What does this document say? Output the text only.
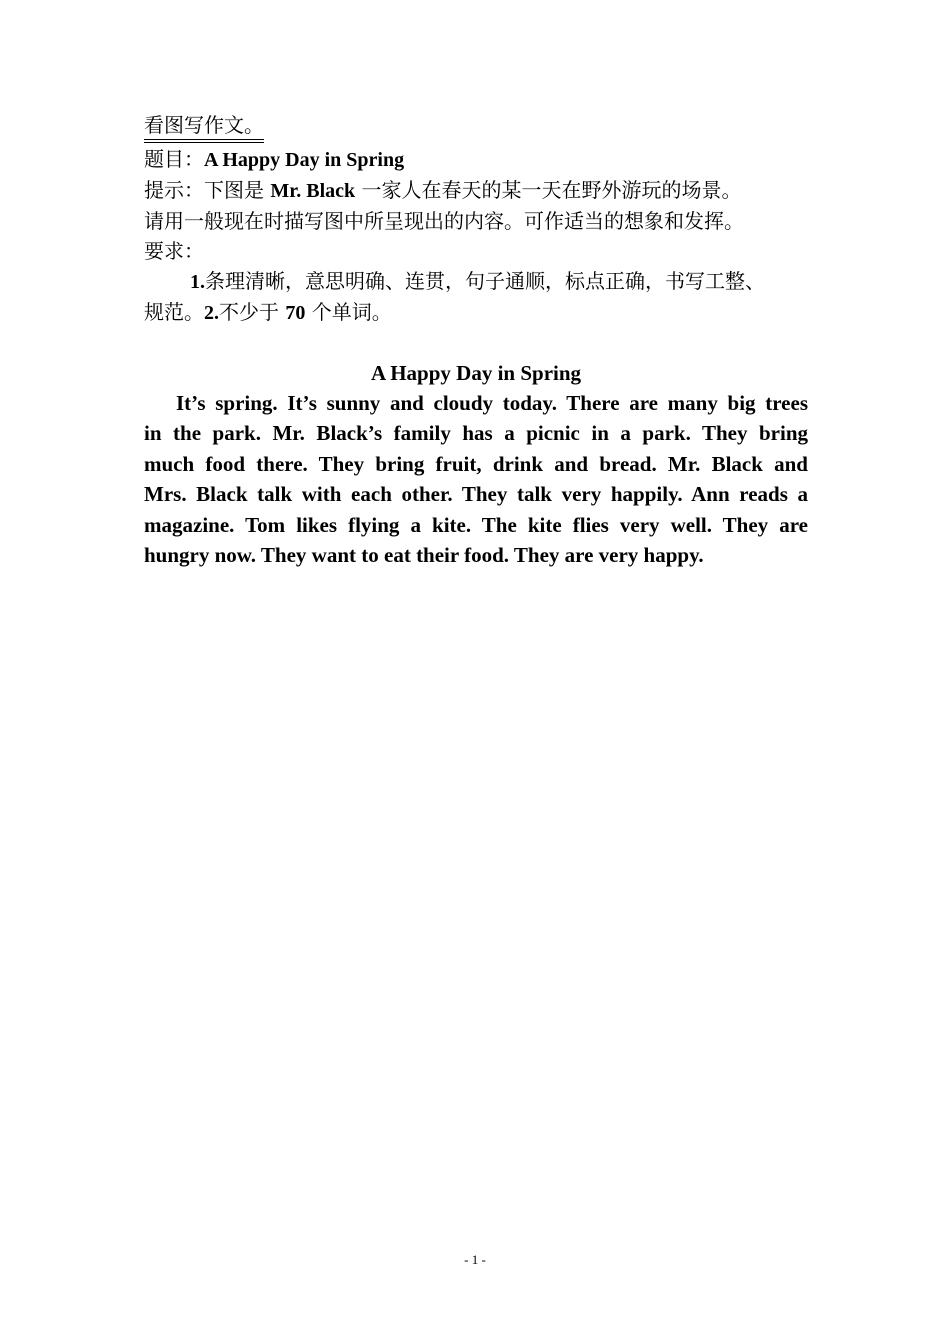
看图写作文。
题目：A Happy Day in Spring
提示：下图是 Mr. Black 一家人在春天的某一天在野外游玩的场景。
请用一般现在时描写图中所呈现出的内容。可作适当的想象和发挥。
要求：
1.条理清晰，意思明确、连贯，句子通顺，标点正确，书写工整、
规范。2.不少于 70 个单词。
A Happy Day in Spring
It’s spring. It’s sunny and cloudy today. There are many big trees
in the park. Mr. Black’s family has a picnic in a park. They bring
much food there. They bring fruit, drink and bread. Mr. Black and
Mrs. Black talk with each other. They talk very happily. Ann reads a
magazine. Tom likes flying a kite. The kite flies very well. They are
hungry now. They want to eat their food. They are very happy.
- 1 -
